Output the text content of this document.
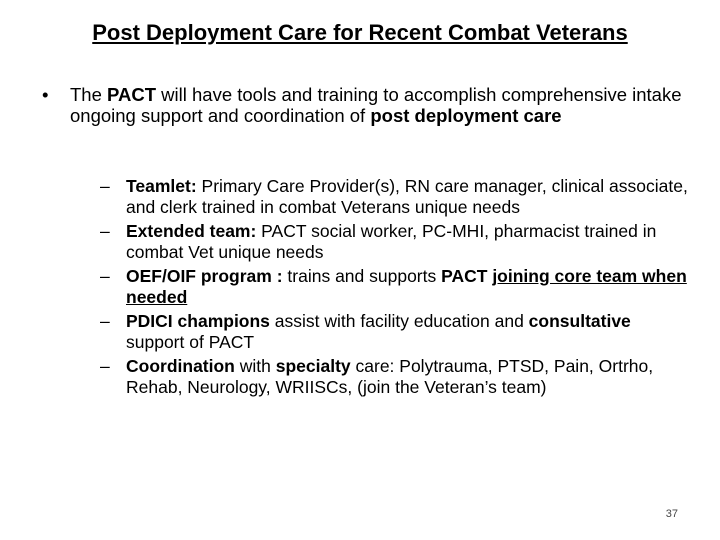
Post Deployment Care for Recent Combat Veterans
• The PACT will have tools and training to accomplish comprehensive intake ongoing support and coordination of post deployment care
– Teamlet: Primary Care Provider(s), RN care manager, clinical associate, and clerk trained in combat Veterans unique needs
– Extended team: PACT social worker, PC-MHI, pharmacist trained in combat Vet unique needs
– OEF/OIF program : trains and supports PACT joining core team when needed
– PDICI champions assist with facility education and consultative support of PACT
– Coordination with specialty care: Polytrauma, PTSD, Pain, Ortrho, Rehab, Neurology, WRIISCs, (join the Veteran’s team)
37
